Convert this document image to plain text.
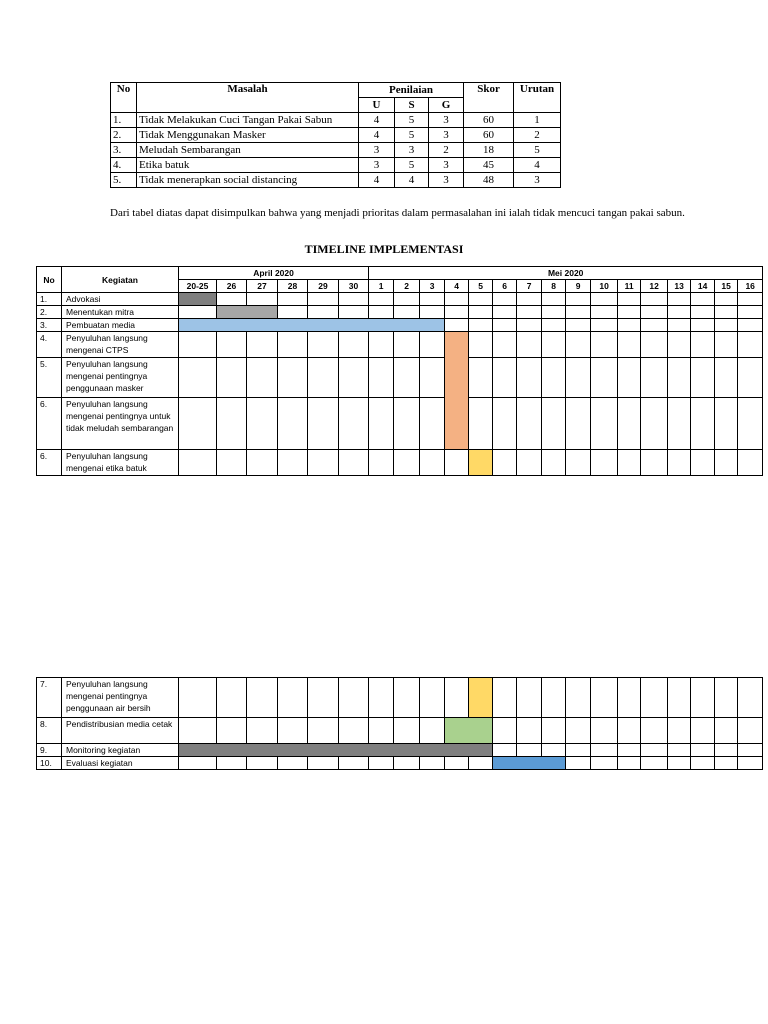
No	Masalah	Penilaian			Skor	Urutan
		U	S	G		
1.	Tidak Melakukan Cuci Tangan Pakai Sabun	4	5	3	60	1
2.	Tidak Menggunakan Masker	4	5	3	60	2
3.	Meludah Sembarangan	3	3	2	18	5
4.	Etika batuk	3	5	3	45	4
5.	Tidak menerapkan social distancing	4	4	3	48	3

Dari tabel diatas dapat disimpulkan bahwa yang menjadi prioritas dalam permasalahan ini ialah tidak mencuci tangan pakai sabun.

TIMELINE IMPLEMENTASI
No	Kegiatan	April 2020						Mei 2020															
		20-25	26	27	28	29	30	1	2	3	4	5	6	7	8	9	10	11	12	13	14	15	16
1.	Advokasi																						
2.	Menentukan mitra																						
3.	Pembuatan media																						
4.	Penyuluhan langsung mengenai CTPS																						
5.	Penyuluhan langsung mengenai pentingnya penggunaan masker																						
6.	Penyuluhan langsung mengenai pentingnya untuk tidak meludah sembarangan																						
6.	Penyuluhan langsung mengenai etika batuk																						
7.	Penyuluhan langsung mengenai pentingnya penggunaan air bersih																						
8.	Pendistribusian media cetak																						
9.	Monitoring kegiatan																						
10.	Evaluasi kegiatan																						
